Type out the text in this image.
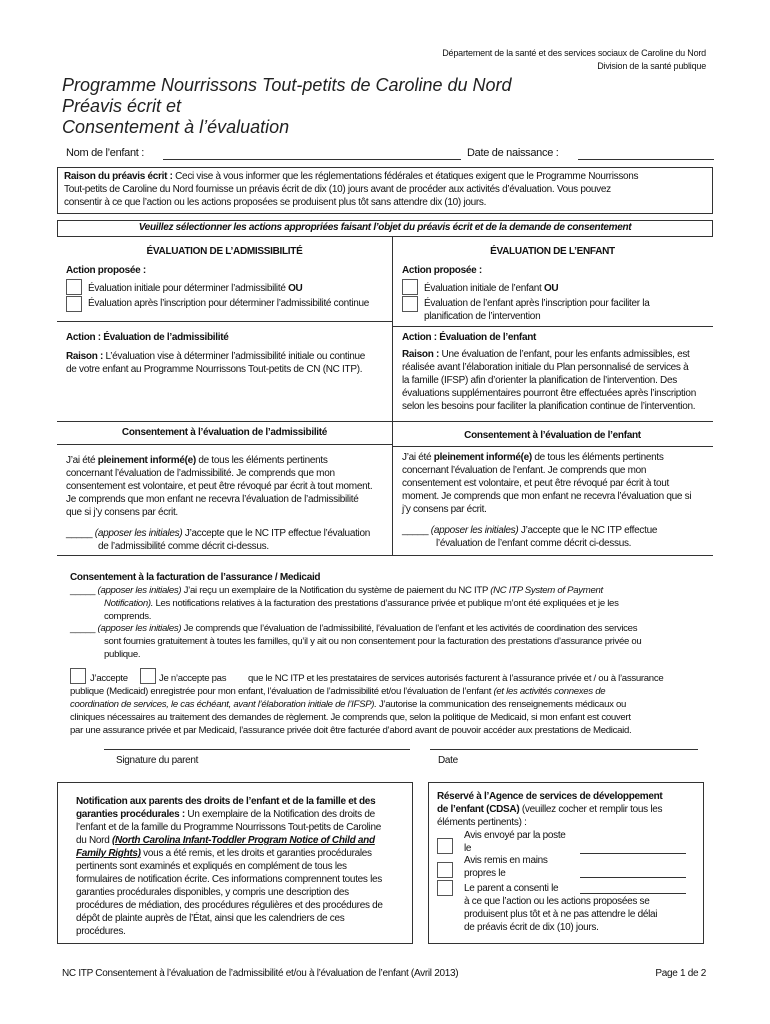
Département de la santé et des services sociaux de Caroline du Nord
Division de la santé publique
Programme Nourrissons Tout-petits de Caroline du Nord
Préavis écrit et
Consentement à l’évaluation
Nom de l’enfant :	Date de naissance :
Raison du préavis écrit : Ceci vise à vous informer que les réglementations fédérales et étatiques exigent que le Programme Nourrissons
Tout-petits de Caroline du Nord fournisse un préavis écrit de dix (10) jours avant de procéder aux activités d’évaluation. Vous pouvez
consentir à ce que l’action ou les actions proposées se produisent plus tôt sans attendre dix (10) jours.
Veuillez sélectionner les actions appropriées faisant l’objet du préavis écrit et de la demande de consentement
ÉVALUATION DE L’ADMISSIBILITÉ
Action proposée :
Évaluation initiale pour déterminer l’admissibilité OU
Évaluation après l’inscription pour déterminer l’admissibilité continue
Action : Évaluation de l’admissibilité
Raison : L’évaluation vise à déterminer l’admissibilité initiale ou continue
de votre enfant au Programme Nourrissons Tout-petits de CN (NC ITP).
Consentement à l’évaluation de l’admissibilité
J’ai été pleinement informé(e) de tous les éléments pertinents
concernant l’évaluation de l’admissibilité. Je comprends que mon
consentement est volontaire, et peut être révoqué par écrit à tout moment.
Je comprends que mon enfant ne recevra l’évaluation de l’admissibilité
que si j’y consens par écrit.
_____ (apposer les initiales) J’accepte que le NC ITP effectue l’évaluation
de l’admissibilité comme décrit ci-dessus.
ÉVALUATION DE L’ENFANT
Action proposée :
Évaluation initiale de l’enfant OU
Évaluation de l’enfant après l’inscription pour faciliter la
planification de l’intervention
Action : Évaluation de l’enfant
Raison : Une évaluation de l’enfant, pour les enfants admissibles, est
réalisée avant l’élaboration initiale du Plan personnalisé de services à
la famille (IFSP) afin d’orienter la planification de l’intervention. Des
évaluations supplémentaires pourront être effectuées après l’inscription
selon les besoins pour faciliter la planification continue de l’intervention.
Consentement à l’évaluation de l’enfant
J’ai été pleinement informé(e) de tous les éléments pertinents
concernant l’évaluation de l’enfant. Je comprends que mon
consentement est volontaire, et peut être révoqué par écrit à tout
moment. Je comprends que mon enfant ne recevra l’évaluation que si
j’y consens par écrit.
_____ (apposer les initiales) J’accepte que le NC ITP effectue
l’évaluation de l’enfant comme décrit ci-dessus.
Consentement à la facturation de l’assurance / Medicaid
_____ (apposer les initiales) J’ai reçu un exemplaire de la Notification du système de paiement du NC ITP (NC ITP System of Payment
Notification). Les notifications relatives à la facturation des prestations d’assurance privée et publique m’ont été expliquées et je les
comprends.
_____ (apposer les initiales) Je comprends que l’évaluation de l’admissibilité, l’évaluation de l’enfant et les activités de coordination des services
sont fournies gratuitement à toutes les familles, qu’il y ait ou non consentement pour la facturation des prestations d’assurance privée ou
publique.
J’accepte	Je n’accepte pas que le NC ITP et les prestataires de services autorisés facturent à l’assurance privée et / ou à l’assurance
publique (Medicaid) enregistrée pour mon enfant, l’évaluation de l’admissibilité et/ou l’évaluation de l’enfant (et les activités connexes de
coordination de services, le cas échéant, avant l’élaboration initiale de l’IFSP). J’autorise la communication des renseignements médicaux ou
cliniques nécessaires au traitement des demandes de règlement. Je comprends que, selon la politique de Medicaid, si mon enfant est couvert
par une assurance privée et par Medicaid, l’assurance privée doit être facturée d’abord avant de pouvoir accéder aux prestations de Medicaid.
Signature du parent	Date
Notification aux parents des droits de l’enfant et de la famille et des
garanties procédurales : Un exemplaire de la Notification des droits de
l’enfant et de la famille du Programme Nourrissons Tout-petits de Caroline
du Nord (North Carolina Infant-Toddler Program Notice of Child and
Family Rights) vous a été remis, et les droits et garanties procédurales
pertinents sont examinés et expliqués en complément de tous les
formulaires de notification écrite. Ces informations comprennent toutes les
garanties procédurales disponibles, y compris une description des
procédures de médiation, des procédures régulières et des procédures de
dépôt de plainte auprès de l’État, ainsi que les calendriers de ces
procédures.
Réservé à l’Agence de services de développement
de l’enfant (CDSA) (veuillez cocher et remplir tous les
éléments pertinents) :
Avis envoyé par la poste
le
Avis remis en mains
propres le
Le parent a consenti le
à ce que l’action ou les actions proposées se
produisent plus tôt et à ne pas attendre le délai
de préavis écrit de dix (10) jours.
NC ITP Consentement à l’évaluation de l’admissibilité et/ou à l’évaluation de l’enfant (Avril 2013)	Page 1 de 2
